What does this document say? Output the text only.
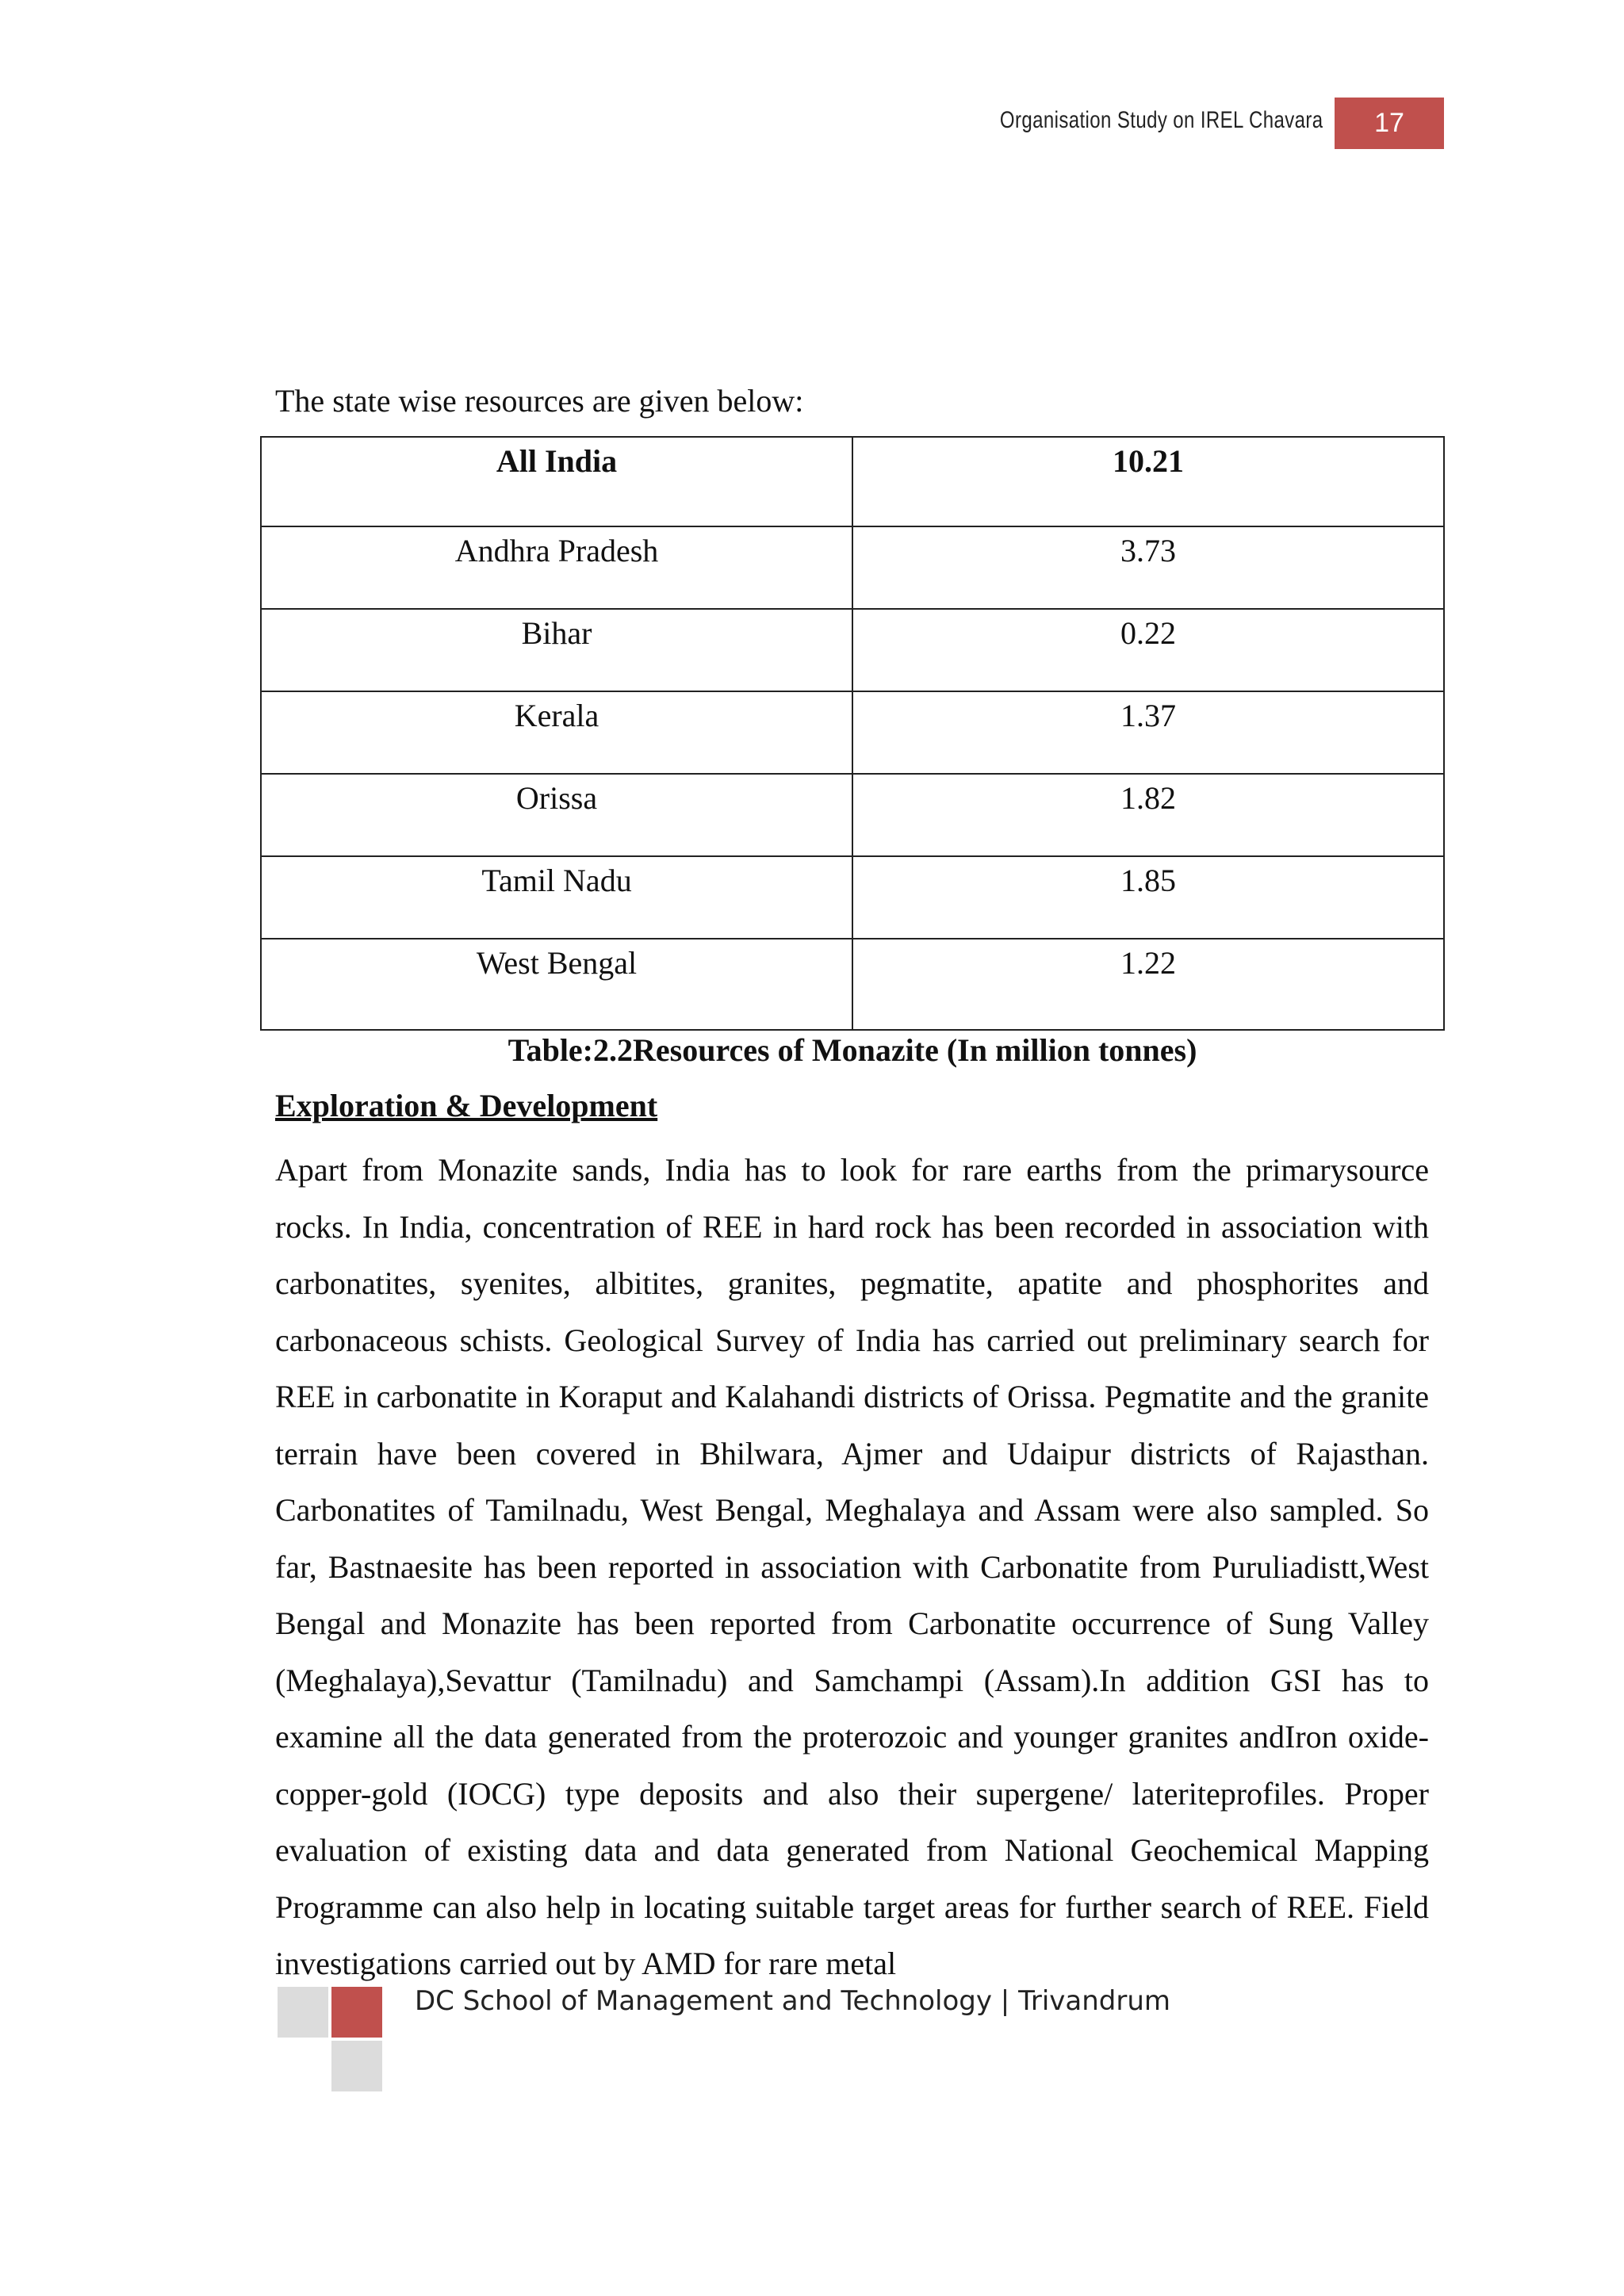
Organisation Study on IREL Chavara	17

The state wise resources are given below:

All India	10.21
Andhra Pradesh	3.73
Bihar	0.22
Kerala	1.37
Orissa	1.82
Tamil Nadu	1.85
West Bengal	1.22

Table:2.2Resources of Monazite (In million tonnes)

Exploration & Development

Apart from Monazite sands, India has to look for rare earths from the primarysource rocks. In India, concentration of REE in hard rock has been recorded in association with carbonatites, syenites, albitites, granites, pegmatite, apatite and phosphorites and carbonaceous schists. Geological Survey of India has carried out preliminary search for REE in carbonatite in Koraput and Kalahandi districts of Orissa. Pegmatite and the granite terrain have been covered in Bhilwara, Ajmer and Udaipur districts of Rajasthan. Carbonatites of Tamilnadu, West Bengal, Meghalaya and Assam were also sampled. So far, Bastnaesite has been reported in association with Carbonatite from Puruliadistt,West Bengal and Monazite has been reported from Carbonatite occurrence of Sung Valley (Meghalaya),Sevattur (Tamilnadu) and Samchampi (Assam).In addition GSI has to examine all the data generated from the proterozoic and younger granites andIron oxide-copper-gold (IOCG) type deposits and also their supergene/ lateriteprofiles. Proper evaluation of existing data and data generated from National Geochemical Mapping Programme can also help in locating suitable target areas for further search of REE. Field investigations carried out by AMD for rare metal

DC School of Management and Technology | Trivandrum
